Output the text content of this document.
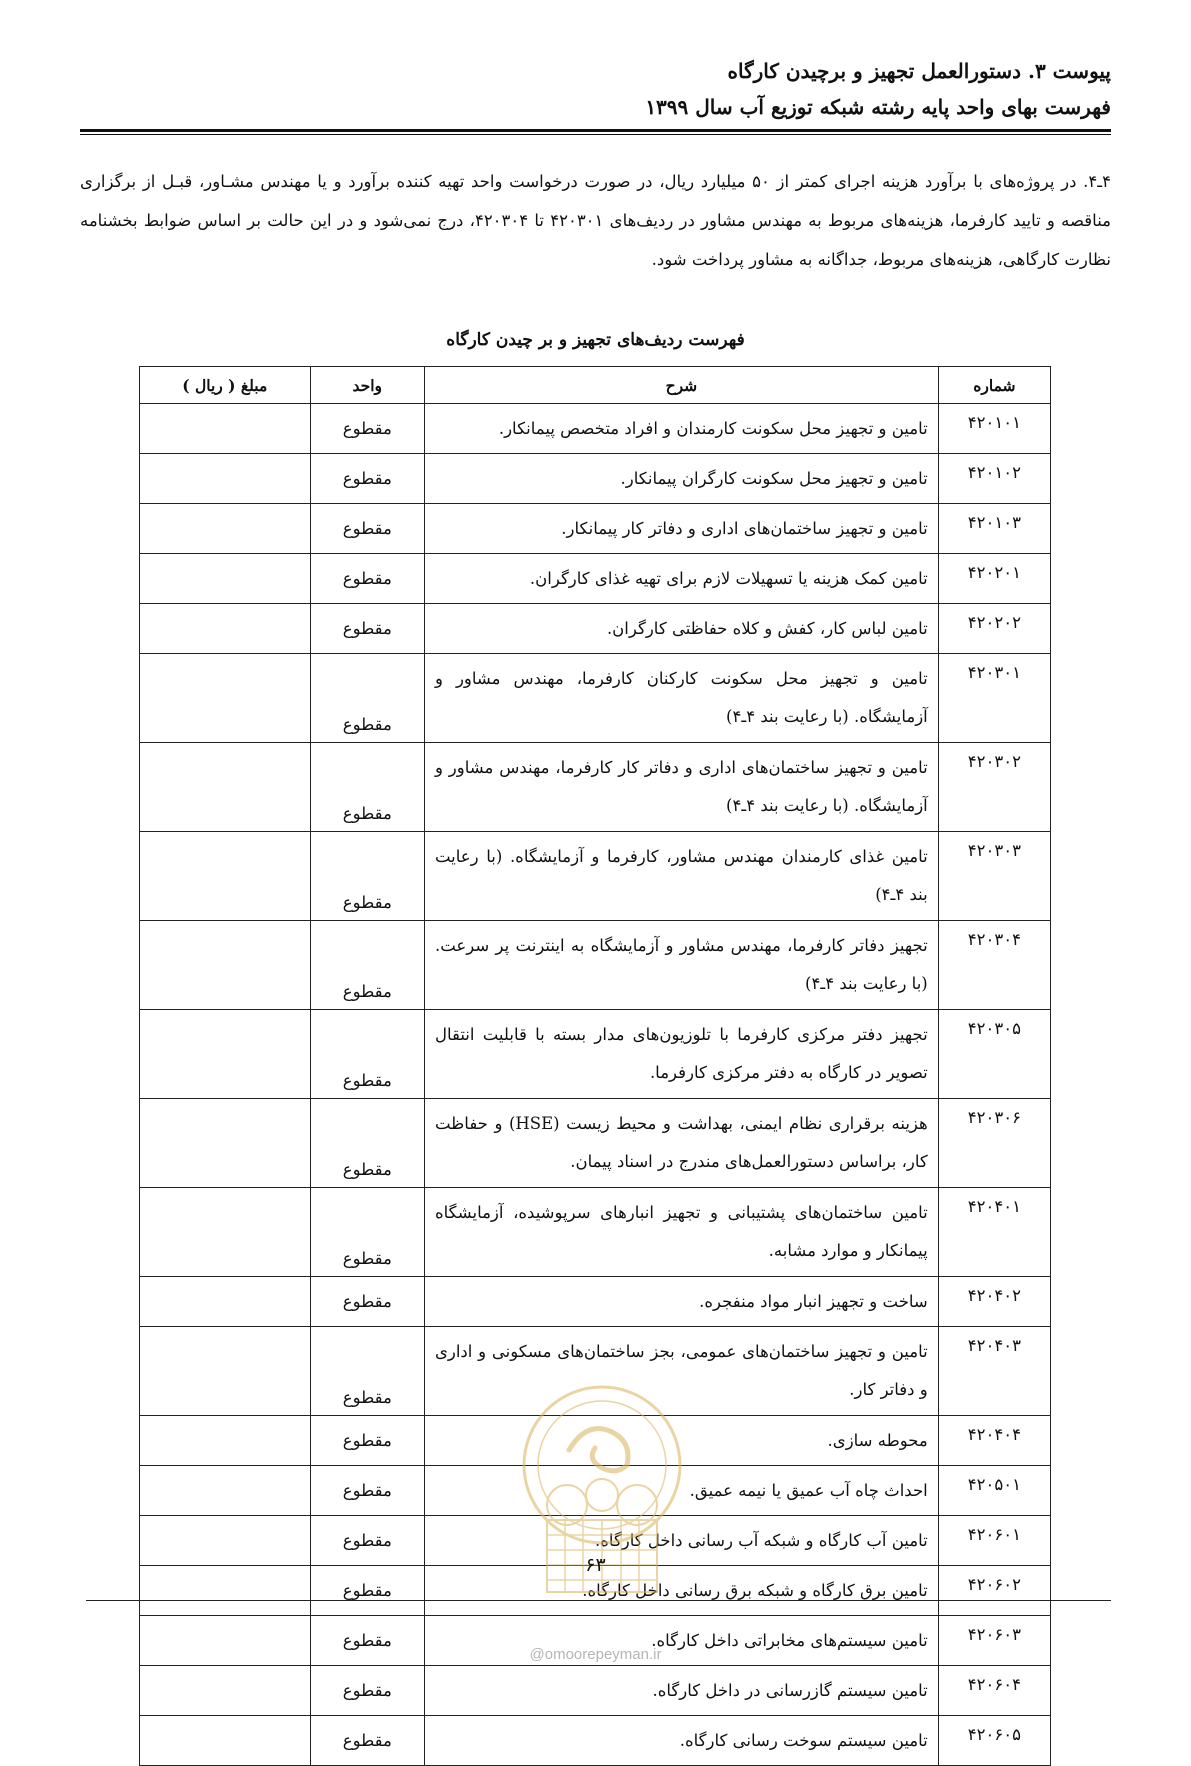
پیوست ۳. دستورالعمل تجهیز و برچیدن کارگاه
فهرست بهای واحد پایه رشته شبکه توزیع آب سال ۱۳۹۹
۴ـ۴. در پروژه‌های با برآورد هزینه اجرای کمتر از ۵۰ میلیارد ریال، در صورت درخواست واحد تهیه کننده برآورد و یا مهندس مشـاور، قبـل از برگزاری مناقصه و تایید کارفرما، هزینه‌های مربوط به مهندس مشاور در ردیف‌های ۴۲۰۳۰۱ تا ۴۲۰۳۰۴، درج نمی‌شود و در این حالت بر اساس ضوابط بخشنامه نظارت کارگاهی، هزینه‌های مربوط، جداگانه به مشاور پرداخت شود.
فهرست ردیف‌های تجهیز و بر چیدن کارگاه
شماره	شرح	واحد	مبلغ ( ریال )
۴۲۰۱۰۱	تامین و تجهیز محل سکونت کارمندان و افراد متخصص پیمانکار.	مقطوع	
۴۲۰۱۰۲	تامین و تجهیز محل سکونت کارگران پیمانکار.	مقطوع	
۴۲۰۱۰۳	تامین و تجهیز ساختمان‌های اداری و دفاتر کار پیمانکار.	مقطوع	
۴۲۰۲۰۱	تامین کمک هزینه یا تسهیلات لازم برای تهیه غذای کارگران.	مقطوع	
۴۲۰۲۰۲	تامین لباس کار، کفش و کلاه حفاظتی کارگران.	مقطوع	
۴۲۰۳۰۱	تامین و تجهیز محل سکونت کارکنان کارفرما، مهندس مشاور و آزمایشگاه. (با رعایت بند ۴ـ۴)	مقطوع	
۴۲۰۳۰۲	تامین و تجهیز ساختمان‌های اداری و دفاتر کار کارفرما، مهندس مشاور و آزمایشگاه. (با رعایت بند ۴ـ۴)	مقطوع	
۴۲۰۳۰۳	تامین غذای کارمندان مهندس مشاور، کارفرما و آزمایشگاه. (با رعایت بند ۴ـ۴)	مقطوع	
۴۲۰۳۰۴	تجهیز دفاتر کارفرما، مهندس مشاور و آزمایشگاه به اینترنت پر سرعت. (با رعایت بند ۴ـ۴)	مقطوع	
۴۲۰۳۰۵	تجهیز دفتر مرکزی کارفرما با تلوزیون‌های مدار بسته با قابلیت انتقال تصویر در کارگاه به دفتر مرکزی کارفرما.	مقطوع	
۴۲۰۳۰۶	هزینه برقراری نظام ایمنی، بهداشت و محیط زیست (HSE) و حفاظت کار، براساس دستورالعمل‌های مندرج در اسناد پیمان.	مقطوع	
۴۲۰۴۰۱	تامین ساختمان‌های پشتیبانی و تجهیز انبارهای سرپوشیده، آزمایشگاه پیمانکار و موارد مشابه.	مقطوع	
۴۲۰۴۰۲	ساخت و تجهیز انبار مواد منفجره.	مقطوع	
۴۲۰۴۰۳	تامین و تجهیز ساختمان‌های عمومی، بجز ساختمان‌های مسکونی و اداری و دفاتر کار.	مقطوع	
۴۲۰۴۰۴	محوطه سازی.	مقطوع	
۴۲۰۵۰۱	احداث چاه آب عمیق یا نیمه عمیق.	مقطوع	
۴۲۰۶۰۱	تامین آب کارگاه و شبکه آب رسانی داخل کارگاه.	مقطوع	
۴۲۰۶۰۲	تامین برق کارگاه و شبکه برق رسانی داخل کارگاه.	مقطوع	
۴۲۰۶۰۳	تامین سیستم‌های مخابراتی داخل کارگاه.	مقطوع	
۴۲۰۶۰۴	تامین سیستم گازرسانی در داخل کارگاه.	مقطوع	
۴۲۰۶۰۵	تامین سیستم سوخت رسانی کارگاه.	مقطوع	
۶۳
@omoorepeyman.ir
